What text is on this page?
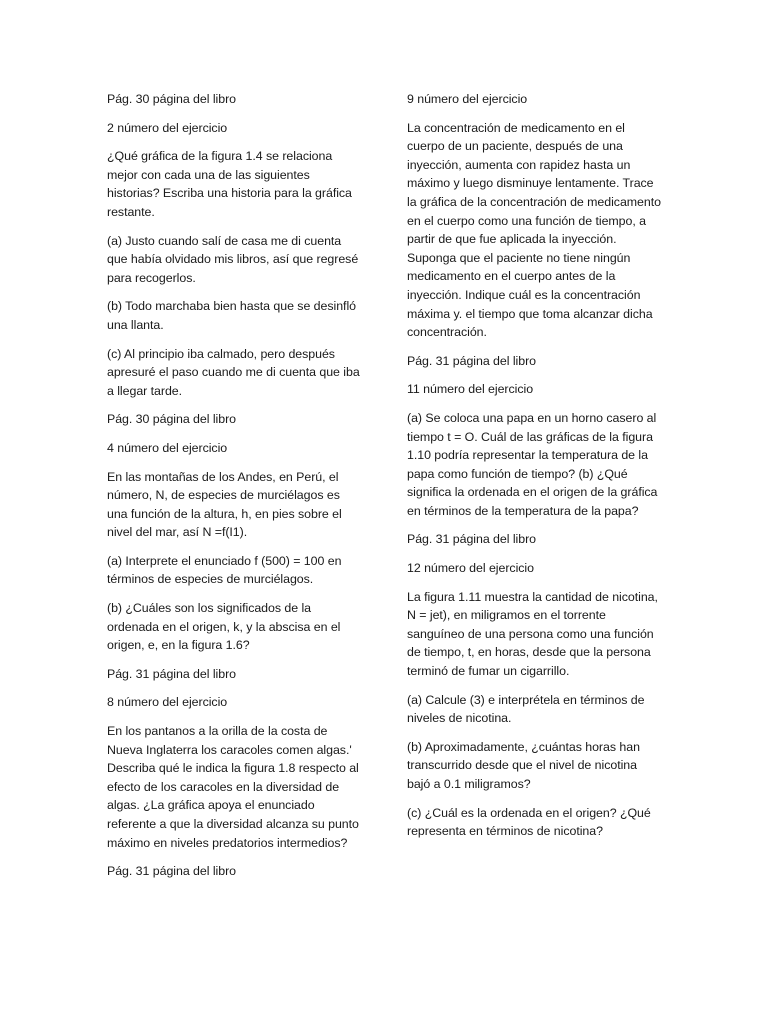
Pág. 30 página del libro

2 número del ejercicio

¿Qué gráfica de la figura 1.4 se relaciona mejor con cada una de las siguientes historias? Escriba una historia para la gráfica restante.

(a) Justo cuando salí de casa me di cuenta que había olvidado mis libros, así que regresé para recogerlos.

(b) Todo marchaba bien hasta que se desinfló una llanta.

(c) Al principio iba calmado, pero después apresuré el paso cuando me di cuenta que iba a llegar tarde.

Pág. 30 página del libro

4 número del ejercicio

En las montañas de los Andes, en Perú, el número, N, de especies de murciélagos es una función de la altura, h, en pies sobre el nivel del mar, así N =f(I1).

(a) Interprete el enunciado f (500) = 100 en términos de especies de murciélagos.

(b) ¿Cuáles son los significados de la ordenada en el origen, k, y la abscisa en el origen, e, en la figura 1.6?

Pág. 31 página del libro

8 número del ejercicio

En los pantanos a la orilla de la costa de Nueva Inglaterra los caracoles comen algas.' Describa qué le indica la figura 1.8 respecto al efecto de los caracoles en la diversidad de algas. ¿La gráfica apoya el enunciado referente a que la diversidad alcanza su punto máximo en niveles predatorios intermedios?

Pág. 31 página del libro

9 número del ejercicio

La concentración de medicamento en el cuerpo de un paciente, después de una inyección, aumenta con rapidez hasta un máximo y luego disminuye lentamente. Trace la gráfica de la concentración de medicamento en el cuerpo como una función de tiempo, a partir de que fue aplicada la inyección. Suponga que el paciente no tiene ningún medicamento en el cuerpo antes de la inyección. Indique cuál es la concentración máxima y. el tiempo que toma alcanzar dicha concentración.

Pág. 31 página del libro

11 número del ejercicio

(a) Se coloca una papa en un horno casero al tiempo t = O. Cuál de las gráficas de la figura 1.10 podría representar la temperatura de la papa como función de tiempo? (b) ¿Qué significa la ordenada en el origen de la gráfica en términos de la temperatura de la papa?

Pág. 31 página del libro

12 número del ejercicio

La figura 1.11 muestra la cantidad de nicotina, N = jet), en miligramos en el torrente sanguíneo de una persona como una función de tiempo, t, en horas, desde que la persona terminó de fumar un cigarrillo.

(a) Calcule (3) e interprétela en términos de niveles de nicotina.

(b) Aproximadamente, ¿cuántas horas han transcurrido desde que el nivel de nicotina bajó a 0.1 miligramos?

(c) ¿Cuál es la ordenada en el origen? ¿Qué representa en términos de nicotina?
